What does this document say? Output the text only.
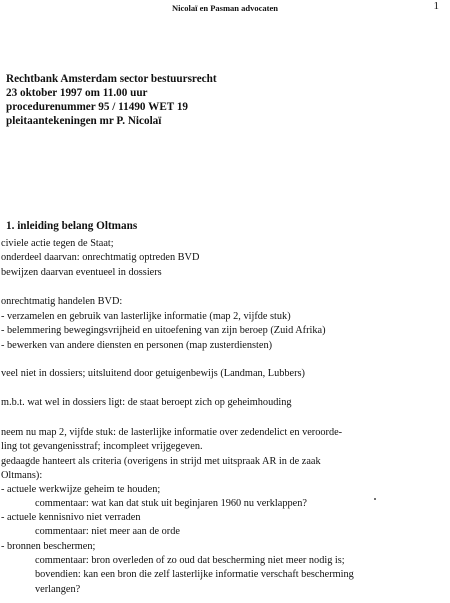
Nicolaï en Pasman advocaten	1
Rechtbank Amsterdam sector bestuursrecht
23 oktober 1997 om 11.00 uur
procedurenummer 95 / 11490 WET 19
pleitaantekeningen mr P. Nicolaï
1. inleiding belang Oltmans
civiele actie tegen de Staat;
onderdeel daarvan: onrechtmatig optreden BVD
bewijzen daarvan eventueel in dossiers
onrechtmatig handelen BVD:
- verzamelen en gebruik van lasterlijke informatie (map 2, vijfde stuk)
- belemmering bewegingsvrijheid en uitoefening van zijn beroep (Zuid Afrika)
- bewerken van andere diensten en personen (map zusterdiensten)
veel niet in dossiers; uitsluitend door getuigenbewijs (Landman, Lubbers)
m.b.t. wat wel in dossiers ligt: de staat beroept zich op geheimhouding
neem nu map 2, vijfde stuk: de lasterlijke informatie over zedendelict en veroorde-
ling tot gevangenisstraf; incompleet vrijgegeven.
gedaagde hanteert als criteria (overigens in strijd met uitspraak AR in de zaak
Oltmans):
- actuele werkwijze geheim te houden;
commentaar: wat kan dat stuk uit beginjaren 1960 nu verklappen?
- actuele kennisnivo niet verraden
commentaar: niet meer aan de orde
- bronnen beschermen;
commentaar: bron overleden of zo oud dat bescherming niet meer nodig is;
bovendien: kan een bron die zelf lasterlijke informatie verschaft bescherming
verlangen?
